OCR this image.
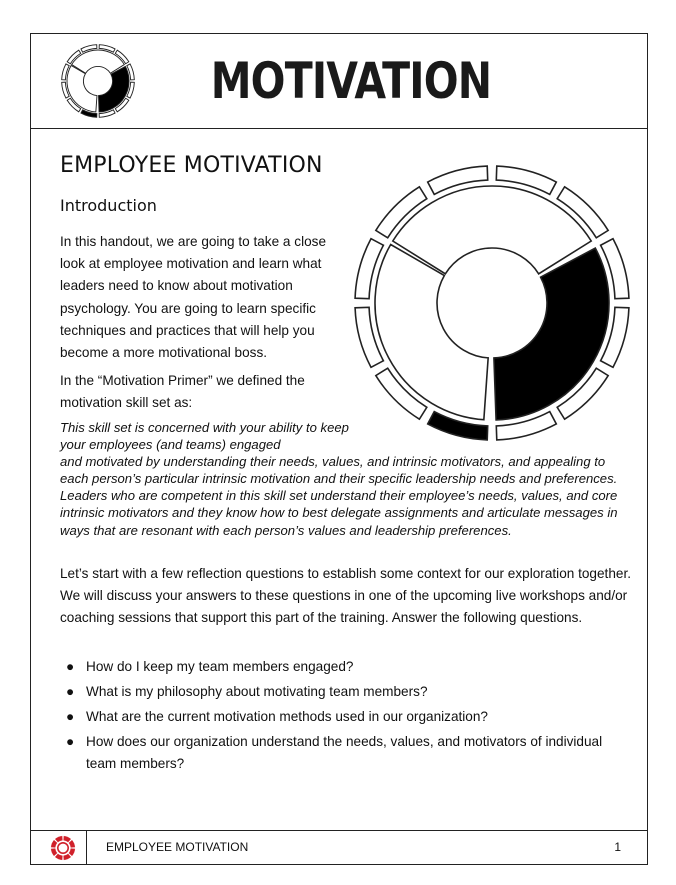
MOTIVATION
EMPLOYEE MOTIVATION
Introduction

In this handout, we are going to take a close look at employee motivation and learn what leaders need to know about motivation psychology. You are going to learn specific techniques and practices that will help you become a more motivational boss.

In the “Motivation Primer” we defined the motivation skill set as:

This skill set is concerned with your ability to keep your employees (and teams) engaged
and motivated by understanding their needs, values, and intrinsic motivators, and appealing to each person’s particular intrinsic motivation and their specific leadership needs and preferences. Leaders who are competent in this skill set understand their employee’s needs, values, and core intrinsic motivators and they know how to best delegate assignments and articulate messages in ways that are resonant with each person’s values and leadership preferences.

Let’s start with a few reflection questions to establish some context for our exploration together. We will discuss your answers to these questions in one of the upcoming live workshops and/or coaching sessions that support this part of the training. Answer the following questions.

● How do I keep my team members engaged?
● What is my philosophy about motivating team members?
● What are the current motivation methods used in our organization?
● How does our organization understand the needs, values, and motivators of individual team members?
EMPLOYEE MOTIVATION	1
